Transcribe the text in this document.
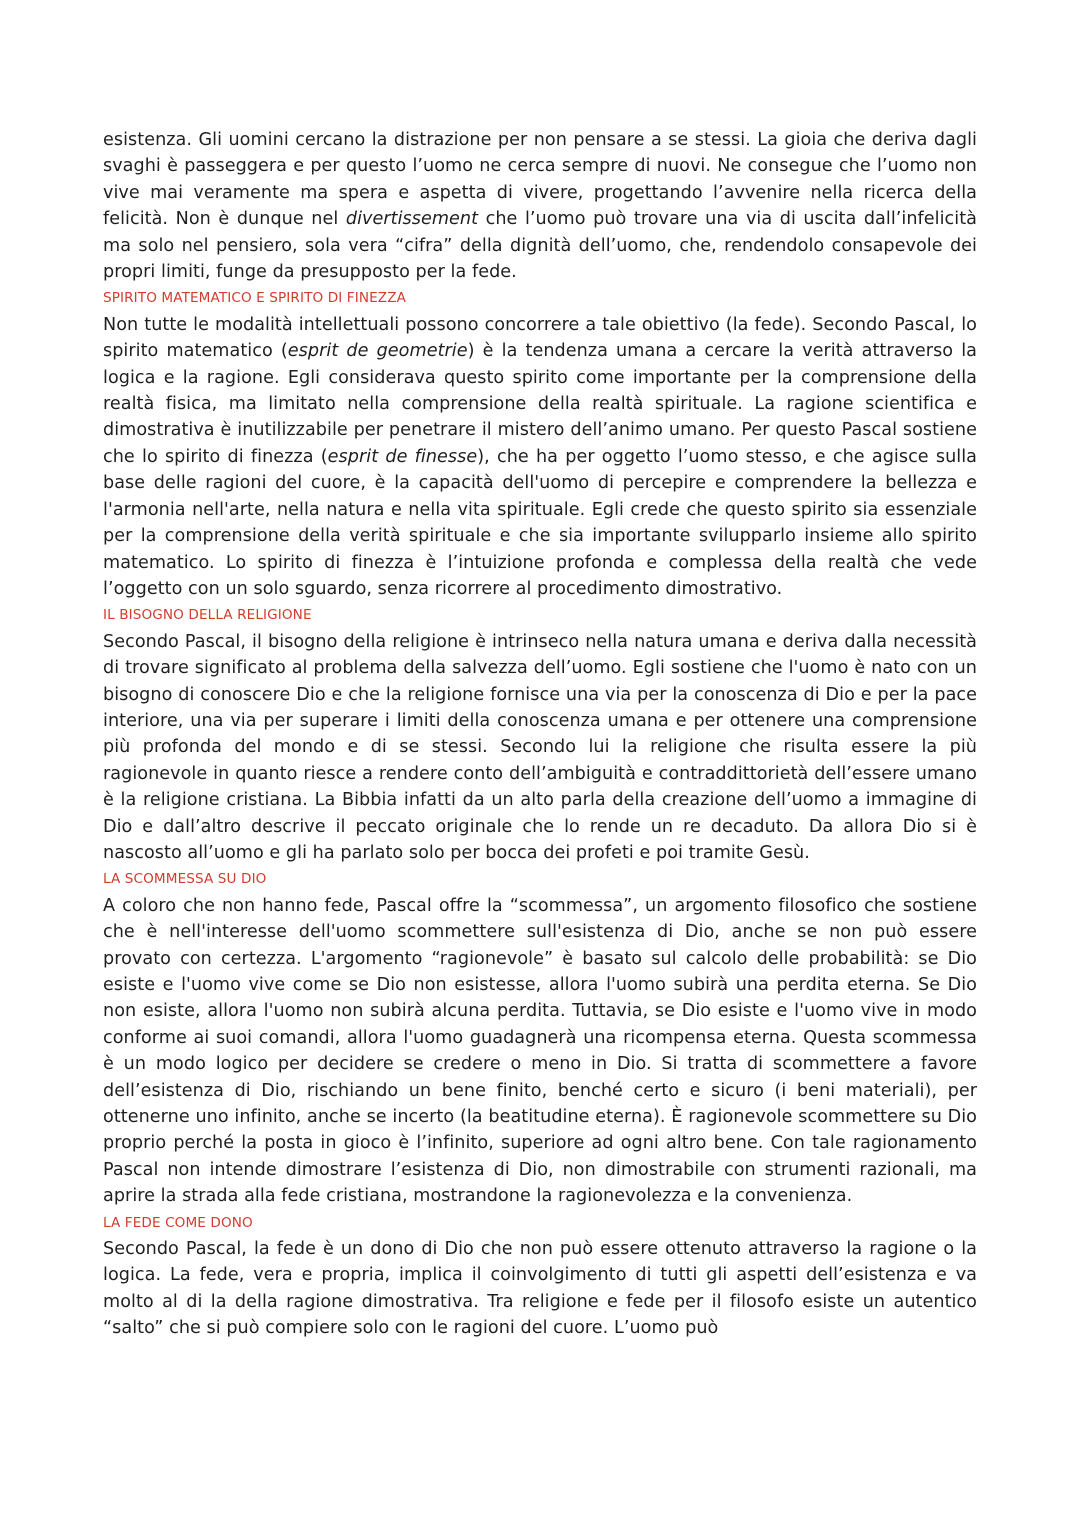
esistenza. Gli uomini cercano la distrazione per non pensare a se stessi. La gioia che deriva dagli svaghi è passeggera e per questo l’uomo ne cerca sempre di nuovi. Ne consegue che l’uomo non vive mai veramente ma spera e aspetta di vivere, progettando l’avvenire nella ricerca della felicità. Non è dunque nel divertissement che l’uomo può trovare una via di uscita dall’infelicità ma solo nel pensiero, sola vera “cifra” della dignità dell’uomo, che, rendendolo consapevole dei propri limiti, funge da presupposto per la fede.

SPIRITO MATEMATICO E SPIRITO DI FINEZZA

Non tutte le modalità intellettuali possono concorrere a tale obiettivo (la fede). Secondo Pascal, lo spirito matematico (esprit de geometrie) è la tendenza umana a cercare la verità attraverso la logica e la ragione. Egli considerava questo spirito come importante per la comprensione della realtà fisica, ma limitato nella comprensione della realtà spirituale. La ragione scientifica e dimostrativa è inutilizzabile per penetrare il mistero dell’animo umano. Per questo Pascal sostiene che lo spirito di finezza (esprit de finesse), che ha per oggetto l’uomo stesso, e che agisce sulla base delle ragioni del cuore, è la capacità dell'uomo di percepire e comprendere la bellezza e l'armonia nell'arte, nella natura e nella vita spirituale. Egli crede che questo spirito sia essenziale per la comprensione della verità spirituale e che sia importante svilupparlo insieme allo spirito matematico. Lo spirito di finezza è l’intuizione profonda e complessa della realtà che vede l’oggetto con un solo sguardo, senza ricorrere al procedimento dimostrativo.

IL BISOGNO DELLA RELIGIONE

Secondo Pascal, il bisogno della religione è intrinseco nella natura umana e deriva dalla necessità di trovare significato al problema della salvezza dell’uomo. Egli sostiene che l'uomo è nato con un bisogno di conoscere Dio e che la religione fornisce una via per la conoscenza di Dio e per la pace interiore, una via per superare i limiti della conoscenza umana e per ottenere una comprensione più profonda del mondo e di se stessi. Secondo lui la religione che risulta essere la più ragionevole in quanto riesce a rendere conto dell’ambiguità e contraddittorietà dell’essere umano è la religione cristiana. La Bibbia infatti da un alto parla della creazione dell’uomo a immagine di Dio e dall’altro descrive il peccato originale che lo rende un re decaduto. Da allora Dio si è nascosto all’uomo e gli ha parlato solo per bocca dei profeti e poi tramite Gesù.

LA SCOMMESSA SU DIO

A coloro che non hanno fede, Pascal offre la “scommessa”, un argomento filosofico che sostiene che è nell'interesse dell'uomo scommettere sull'esistenza di Dio, anche se non può essere provato con certezza. L'argomento “ragionevole” è basato sul calcolo delle probabilità: se Dio esiste e l'uomo vive come se Dio non esistesse, allora l'uomo subirà una perdita eterna. Se Dio non esiste, allora l'uomo non subirà alcuna perdita. Tuttavia, se Dio esiste e l'uomo vive in modo conforme ai suoi comandi, allora l'uomo guadagnerà una ricompensa eterna. Questa scommessa è un modo logico per decidere se credere o meno in Dio. Si tratta di scommettere a favore dell’esistenza di Dio, rischiando un bene finito, benché certo e sicuro (i beni materiali), per ottenerne uno infinito, anche se incerto (la beatitudine eterna). È ragionevole scommettere su Dio proprio perché la posta in gioco è l’infinito, superiore ad ogni altro bene. Con tale ragionamento Pascal non intende dimostrare l’esistenza di Dio, non dimostrabile con strumenti razionali, ma aprire la strada alla fede cristiana, mostrandone la ragionevolezza e la convenienza.

LA FEDE COME DONO

Secondo Pascal, la fede è un dono di Dio che non può essere ottenuto attraverso la ragione o la logica. La fede, vera e propria, implica il coinvolgimento di tutti gli aspetti dell’esistenza e va molto al di la della ragione dimostrativa. Tra religione e fede per il filosofo esiste un autentico “salto” che si può compiere solo con le ragioni del cuore. L’uomo può
